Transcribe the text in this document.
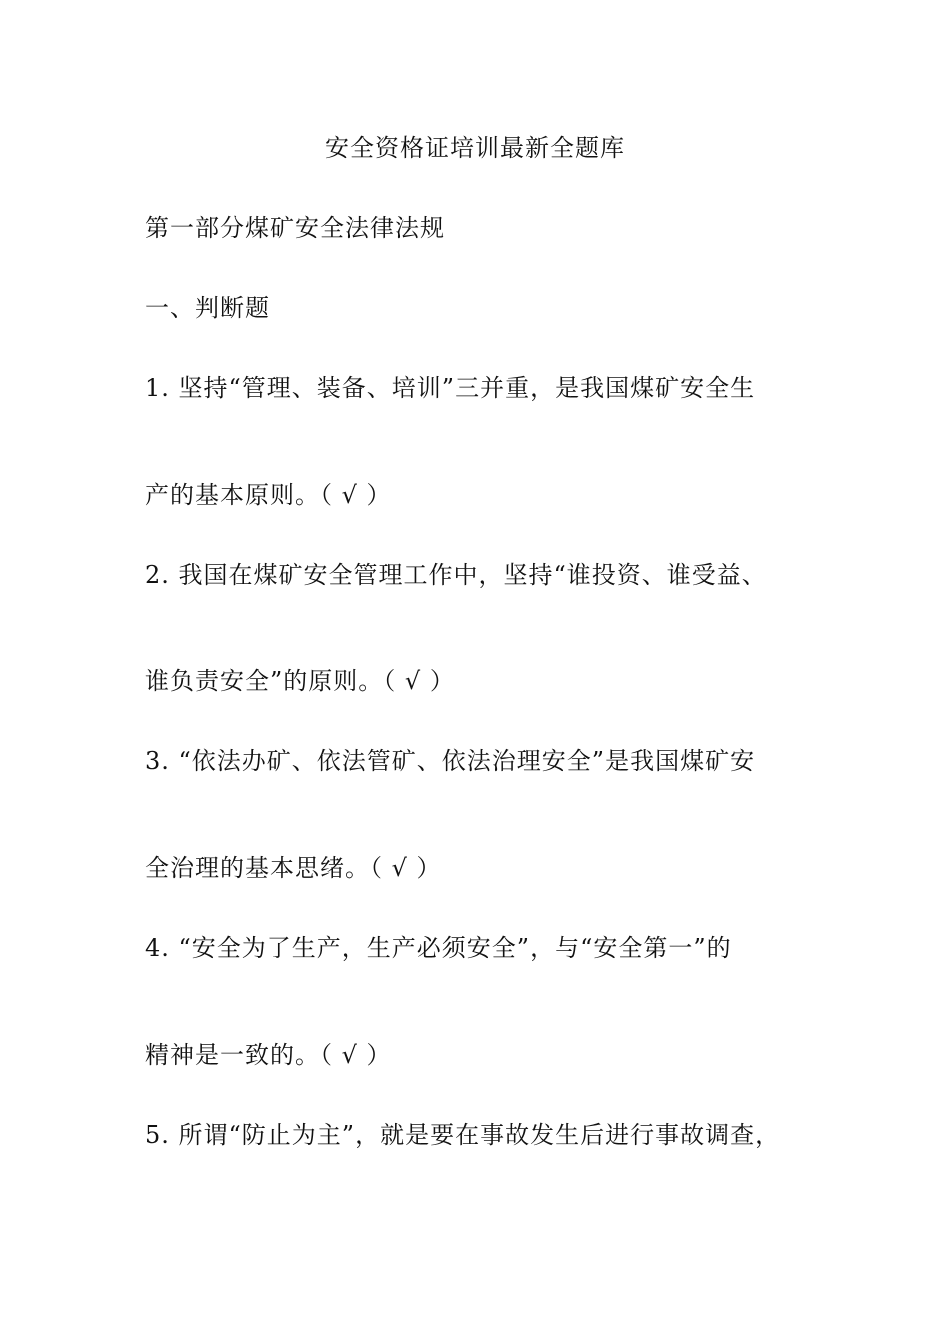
安全资格证培训最新全题库
第一部分煤矿安全法律法规
一、判断题
1. 坚持“管理、装备、培训”三并重，是我国煤矿安全生
产的基本原则。（ √ ）
2. 我国在煤矿安全管理工作中，坚持“谁投资、谁受益、
谁负责安全”的原则。（ √ ）
3. “依法办矿、依法管矿、依法治理安全”是我国煤矿安
全治理的基本思绪。（ √ ）
4. “安全为了生产，生产必须安全”，与“安全第一”的
精神是一致的。（ √ ）
5. 所谓“防止为主”，就是要在事故发生后进行事故调查，
